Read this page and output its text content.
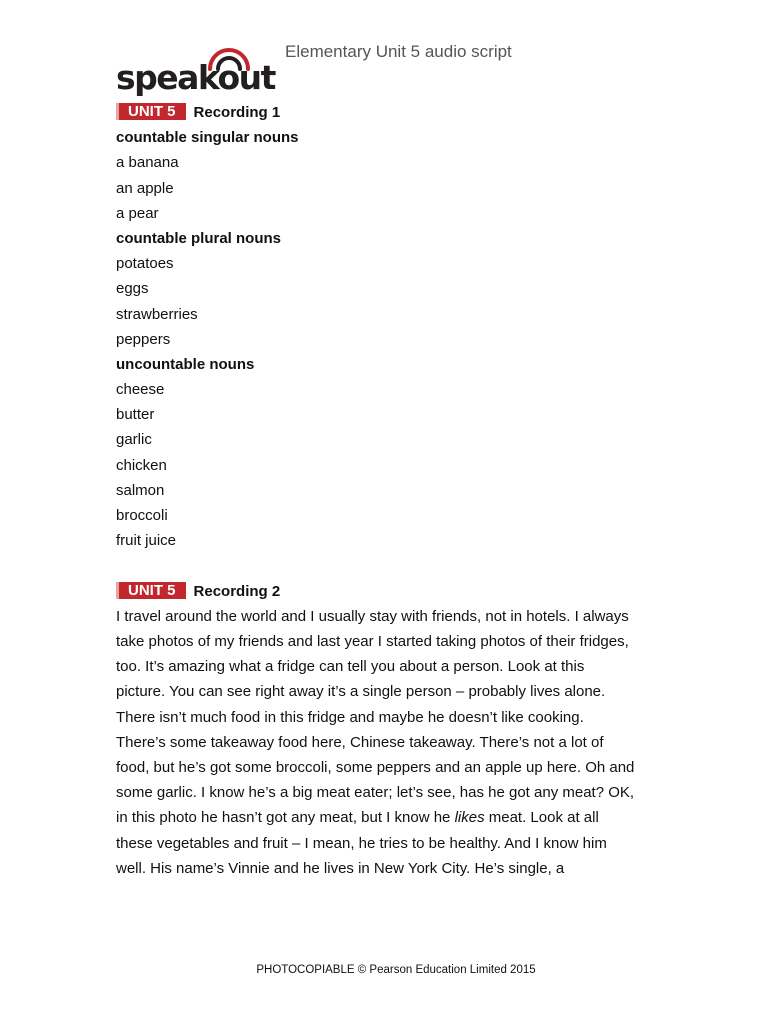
speakout
Elementary Unit 5 audio script
UNIT 5 Recording 1
countable singular nouns
a banana
an apple
a pear
countable plural nouns
potatoes
eggs
strawberries
peppers
uncountable nouns
cheese
butter
garlic
chicken
salmon
broccoli
fruit juice
UNIT 5 Recording 2

I travel around the world and I usually stay with friends, not in hotels. I always

take photos of my friends and last year I started taking photos of their fridges,

too. It’s amazing what a fridge can tell you about a person. Look at this

picture. You can see right away it’s a single person – probably lives alone.

There isn’t much food in this fridge and maybe he doesn’t like cooking.

There’s some takeaway food here, Chinese takeaway. There’s not a lot of

food, but he’s got some broccoli, some peppers and an apple up here. Oh and

some garlic. I know he’s a big meat eater; let’s see, has he got any meat? OK,

in this photo he hasn’t got any meat, but I know he likes meat. Look at all

these vegetables and fruit – I mean, he tries to be healthy. And I know him

well. His name’s Vinnie and he lives in New York City. He’s single, a

PHOTOCOPIABLE © Pearson Education Limited 2015
